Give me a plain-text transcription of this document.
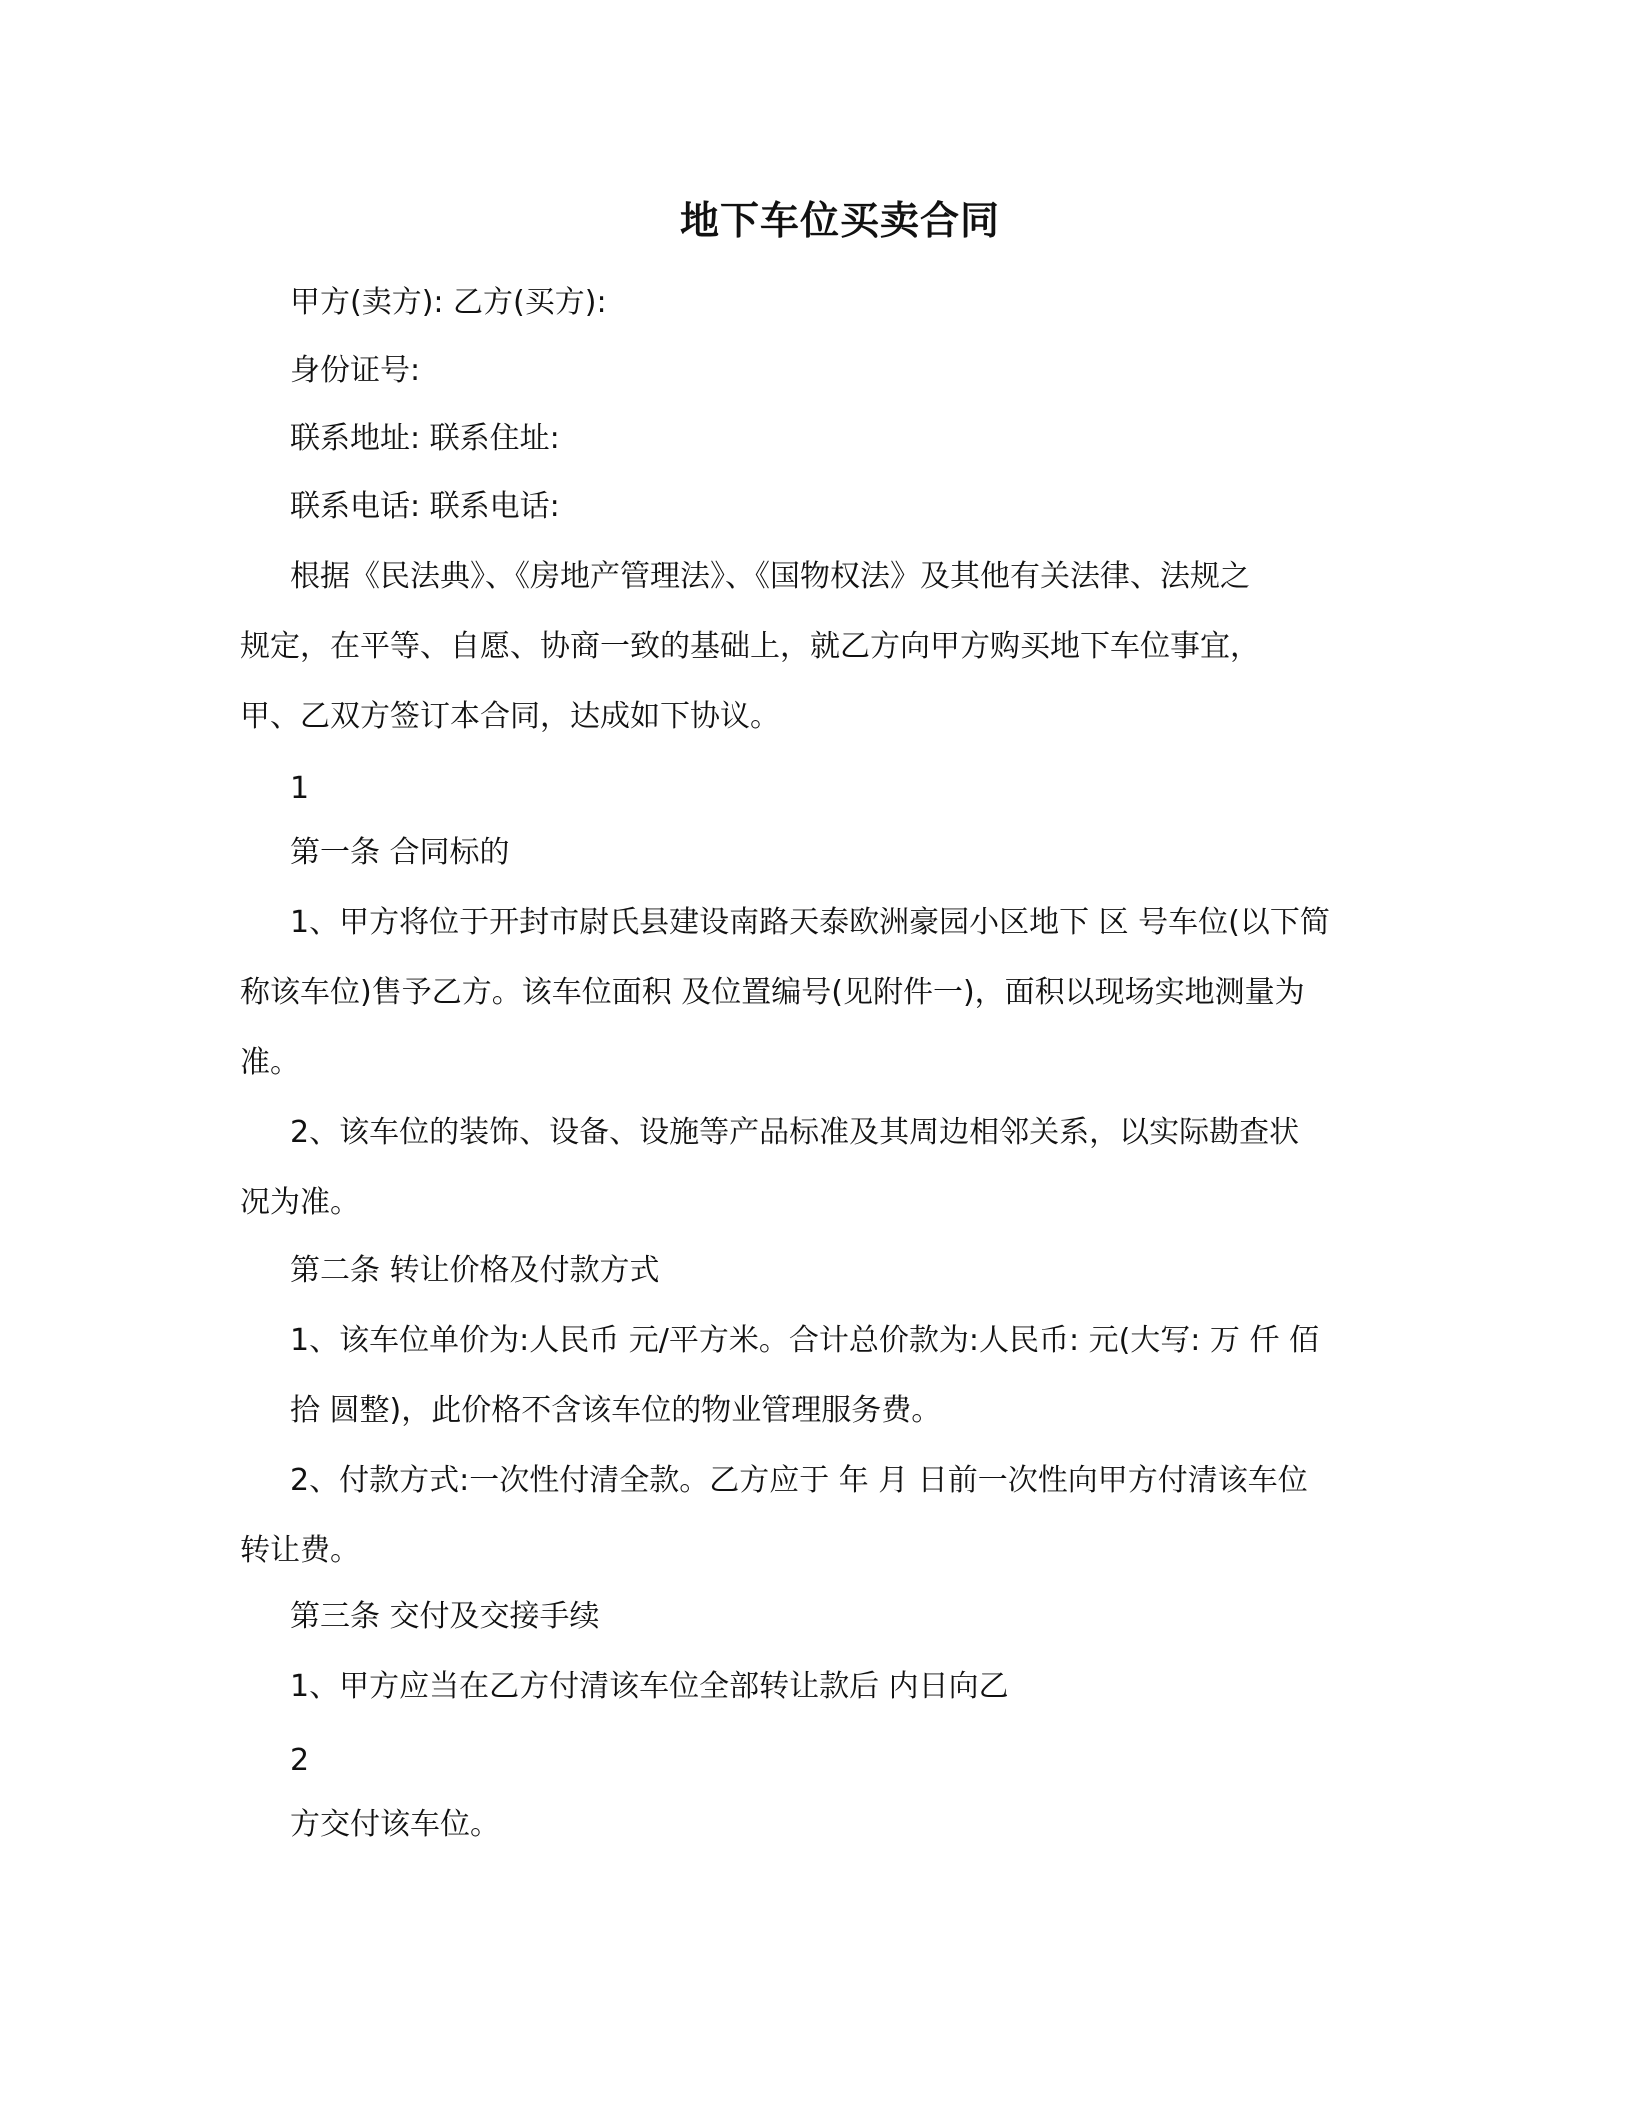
地下车位买卖合同
甲方(卖方): 乙方(买方):
身份证号:
联系地址: 联系住址:
联系电话: 联系电话:
根据《民法典》、《房地产管理法》、《国物权法》及其他有关法律、法规之
规定，在平等、自愿、协商一致的基础上，就乙方向甲方购买地下车位事宜，
甲、乙双方签订本合同，达成如下协议。
1
第一条 合同标的
1、甲方将位于开封市尉氏县建设南路天泰欧洲豪园小区地下 区 号车位(以下简
称该车位)售予乙方。该车位面积 及位置编号(见附件一)，面积以现场实地测量为
准。
2、该车位的装饰、设备、设施等产品标准及其周边相邻关系，以实际勘查状
况为准。
第二条 转让价格及付款方式
1、该车位单价为:人民币 元/平方米。合计总价款为:人民币: 元(大写: 万 仟 佰
拾 圆整)，此价格不含该车位的物业管理服务费。
2、付款方式:一次性付清全款。乙方应于 年 月 日前一次性向甲方付清该车位
转让费。
第三条 交付及交接手续
1、甲方应当在乙方付清该车位全部转让款后 内日向乙
2
方交付该车位。
